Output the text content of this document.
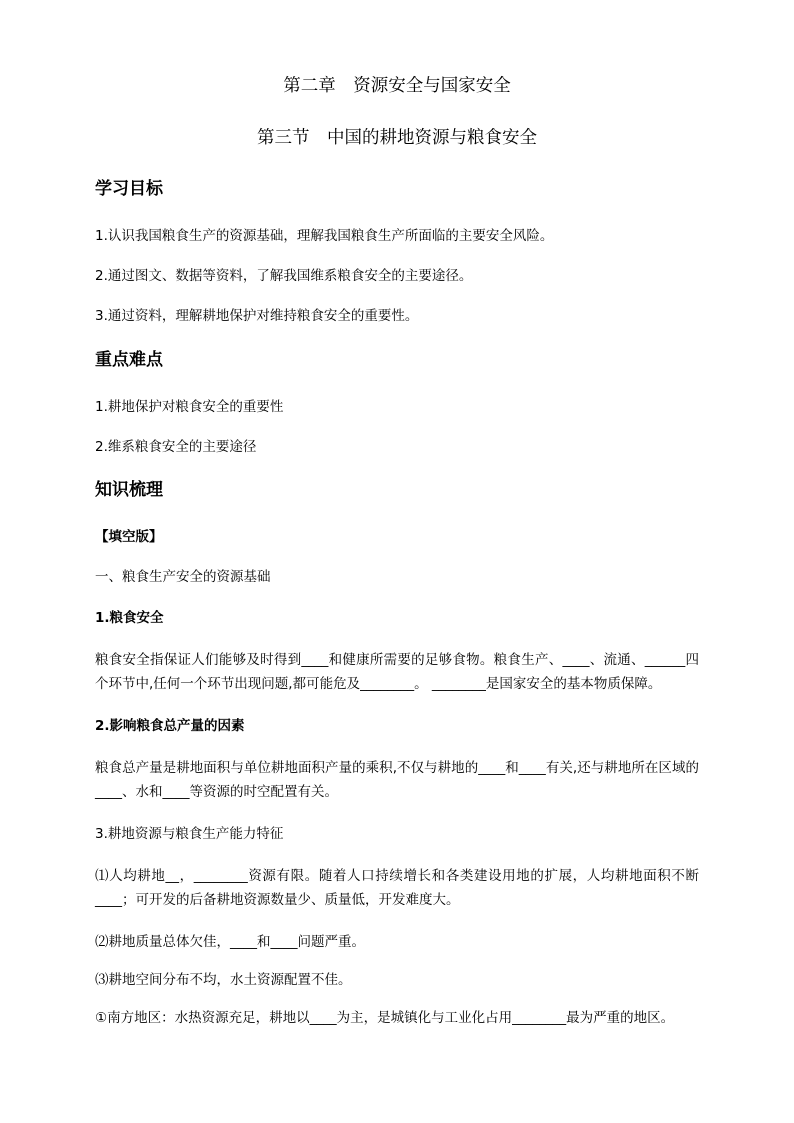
第二章　资源安全与国家安全
第三节　中国的耕地资源与粮食安全
学习目标
1.认识我国粮食生产的资源基础，理解我国粮食生产所面临的主要安全风险。
2.通过图文、数据等资料，了解我国维系粮食安全的主要途径。
3.通过资料，理解耕地保护对维持粮食安全的重要性。
重点难点
1.耕地保护对粮食安全的重要性
2.维系粮食安全的主要途径
知识梳理
【填空版】
一、粮食生产安全的资源基础
1.粮食安全
粮食安全指保证人们能够及时得到____和健康所需要的足够食物。粮食生产、____、流通、______四个环节中,任何一个环节出现问题,都可能危及________。 ________是国家安全的基本物质保障。
2.影响粮食总产量的因素
粮食总产量是耕地面积与单位耕地面积产量的乘积,不仅与耕地的____和____有关,还与耕地所在区域的____、水和____等资源的时空配置有关。
3.耕地资源与粮食生产能力特征
⑴人均耕地__，________资源有限。随着人口持续增长和各类建设用地的扩展，人均耕地面积不断____；可开发的后备耕地资源数量少、质量低，开发难度大。
⑵耕地质量总体欠佳，____和____问题严重。
⑶耕地空间分布不均，水土资源配置不佳。
①南方地区：水热资源充足，耕地以____为主，是城镇化与工业化占用________最为严重的地区。
